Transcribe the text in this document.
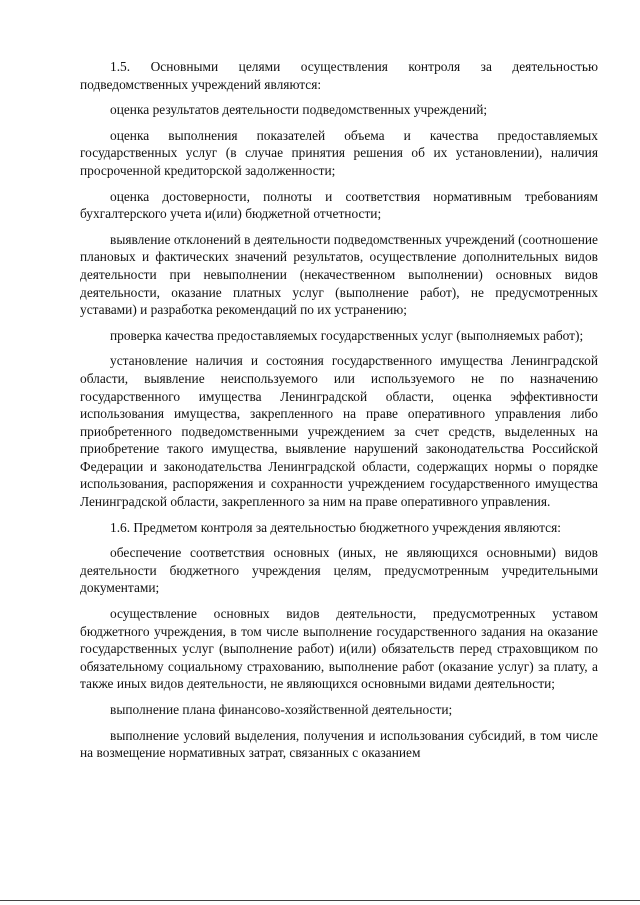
1.5. Основными целями осуществления контроля за деятельностью подведомственных учреждений являются:

оценка результатов деятельности подведомственных учреждений;

оценка выполнения показателей объема и качества предоставляемых государственных услуг (в случае принятия решения об их установлении), наличия просроченной кредиторской задолженности;

оценка достоверности, полноты и соответствия нормативным требованиям бухгалтерского учета и(или) бюджетной отчетности;

выявление отклонений в деятельности подведомственных учреждений (соотношение плановых и фактических значений результатов, осуществление дополнительных видов деятельности при невыполнении (некачественном выполнении) основных видов деятельности, оказание платных услуг (выполнение работ), не предусмотренных уставами) и разработка рекомендаций по их устранению;

проверка качества предоставляемых государственных услуг (выполняемых работ);

установление наличия и состояния государственного имущества Ленинградской области, выявление неиспользуемого или используемого не по назначению государственного имущества Ленинградской области, оценка эффективности использования имущества, закрепленного на праве оперативного управления либо приобретенного подведомственными учреждением за счет средств, выделенных на приобретение такого имущества, выявление нарушений законодательства Российской Федерации и законодательства Ленинградской области, содержащих нормы о порядке использования, распоряжения и сохранности учреждением государственного имущества Ленинградской области, закрепленного за ним на праве оперативного управления.

1.6. Предметом контроля за деятельностью бюджетного учреждения являются:

обеспечение соответствия основных (иных, не являющихся основными) видов деятельности бюджетного учреждения целям, предусмотренным учредительными документами;

осуществление основных видов деятельности, предусмотренных уставом бюджетного учреждения, в том числе выполнение государственного задания на оказание государственных услуг (выполнение работ) и(или) обязательств перед страховщиком по обязательному социальному страхованию, выполнение работ (оказание услуг) за плату, а также иных видов деятельности, не являющихся основными видами деятельности;

выполнение плана финансово-хозяйственной деятельности;

выполнение условий выделения, получения и использования субсидий, в том числе на возмещение нормативных затрат, связанных с оказанием
